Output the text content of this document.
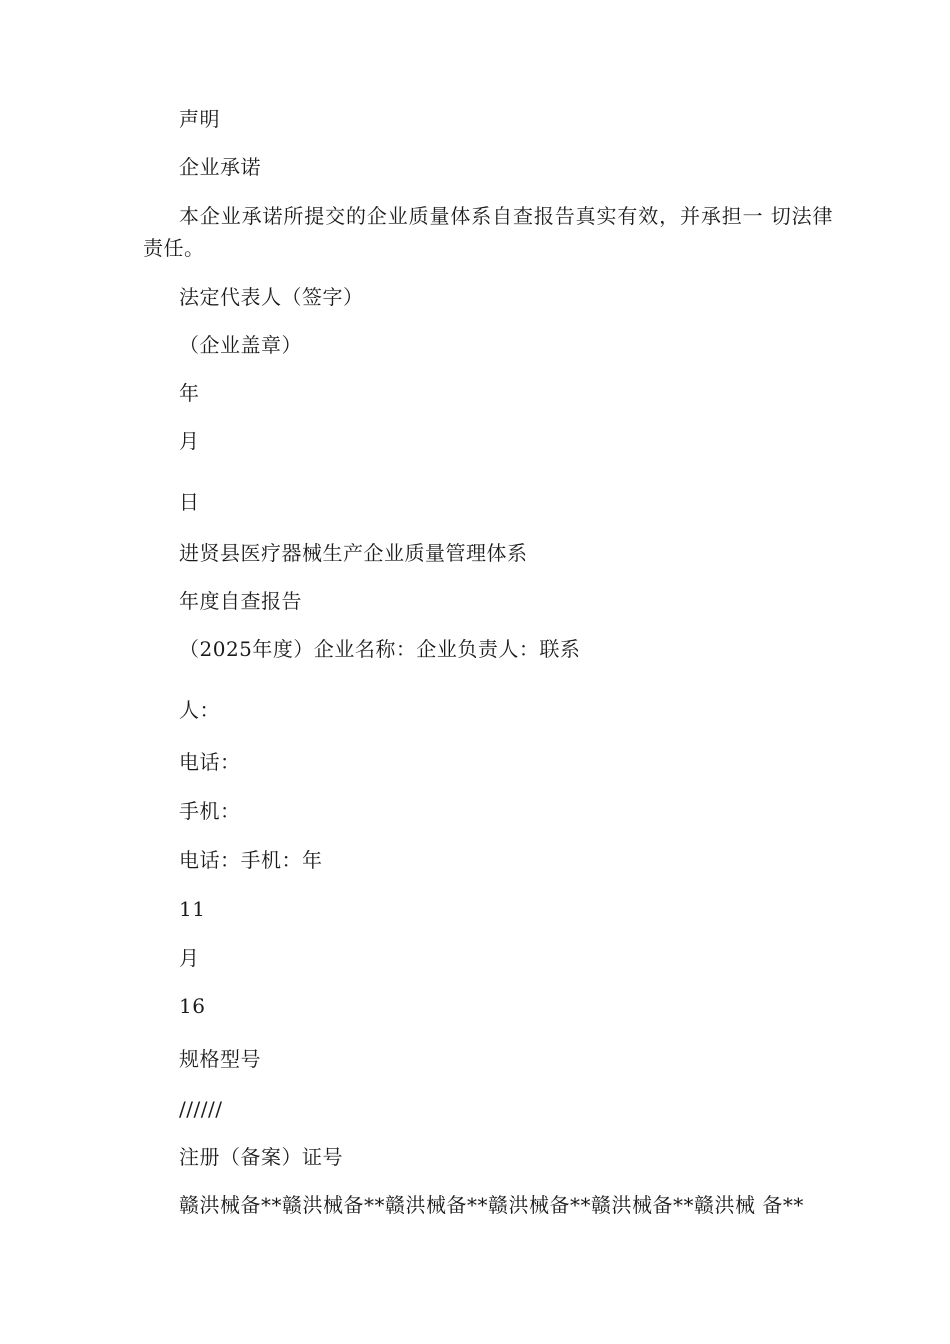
声明
企业承诺
本企业承诺所提交的企业质量体系自查报告真实有效，并承担一 切法律责任。
法定代表人（签字）
（企业盖章）
年
月
日
进贤县医疗器械生产企业质量管理体系
年度自查报告
（2025年度）企业名称：企业负责人：联系
人：
电话：
手机：
电话：手机：年
11
月
16
规格型号
//////
注册（备案）证号
赣洪械备**赣洪械备**赣洪械备**赣洪械备**赣洪械备**赣洪械 备**
